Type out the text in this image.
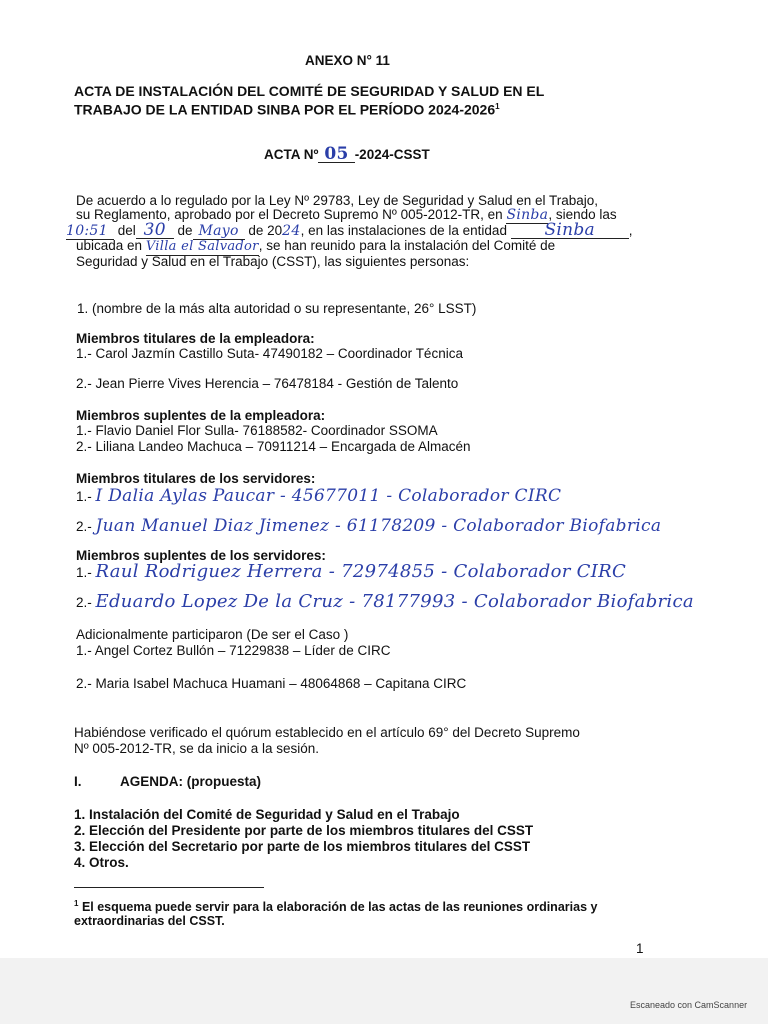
ANEXO N° 11
ACTA DE INSTALACIÓN DEL COMITÉ DE SEGURIDAD Y SALUD EN EL
TRABAJO DE LA ENTIDAD SINBA POR EL PERÍODO 2024-2026$^1$
ACTA Nº 05 -2024-CSST
De acuerdo a lo regulado por la Ley Nº 29783, Ley de Seguridad y Salud en el Trabajo,
su Reglamento, aprobado por el Decreto Supremo Nº 005-2012-TR, en Sinba, siendo las
10:51 del 30 de Mayo de 2024, en las instalaciones de la entidad Sinba ,
ubicada en Villa el Salvador, se han reunido para la instalación del Comité de
Seguridad y Salud en el Trabajo (CSST), las siguientes personas:
1. (nombre de la más alta autoridad o su representante, 26° LSST)
Miembros titulares de la empleadora:
1.- Carol Jazmín Castillo Suta- 47490182 – Coordinador Técnica
2.- Jean Pierre Vives Herencia – 76478184 - Gestión de Talento
Miembros suplentes de la empleadora:
1.- Flavio Daniel Flor Sulla- 76188582- Coordinador SSOMA
2.- Liliana Landeo Machuca – 70911214 – Encargada de Almacén
Miembros titulares de los servidores:
1.- I Dalia Aylas Paucar - 45677011 - Colaborador CIRC
2.- Juan Manuel Diaz Jimenez - 61178209 - Colaborador Biofabrica
Miembros suplentes de los servidores:
1.- Raul Rodriguez Herrera - 72974855 - Colaborador CIRC
2.- Eduardo Lopez De la Cruz - 78177993 - Colaborador Biofabrica
Adicionalmente participaron (De ser el Caso )
1.- Angel Cortez Bullón – 71229838 – Líder de CIRC
2.- Maria Isabel Machuca Huamani – 48064868 – Capitana CIRC
Habiéndose verificado el quórum establecido en el artículo 69° del Decreto Supremo
Nº 005-2012-TR, se da inicio a la sesión.
I.	AGENDA: (propuesta)
1. Instalación del Comité de Seguridad y Salud en el Trabajo
2. Elección del Presidente por parte de los miembros titulares del CSST
3. Elección del Secretario por parte de los miembros titulares del CSST
4. Otros.
$^1$ El esquema puede servir para la elaboración de las actas de las reuniones ordinarias y
extraordinarias del CSST.
1
Escaneado con CamScanner
